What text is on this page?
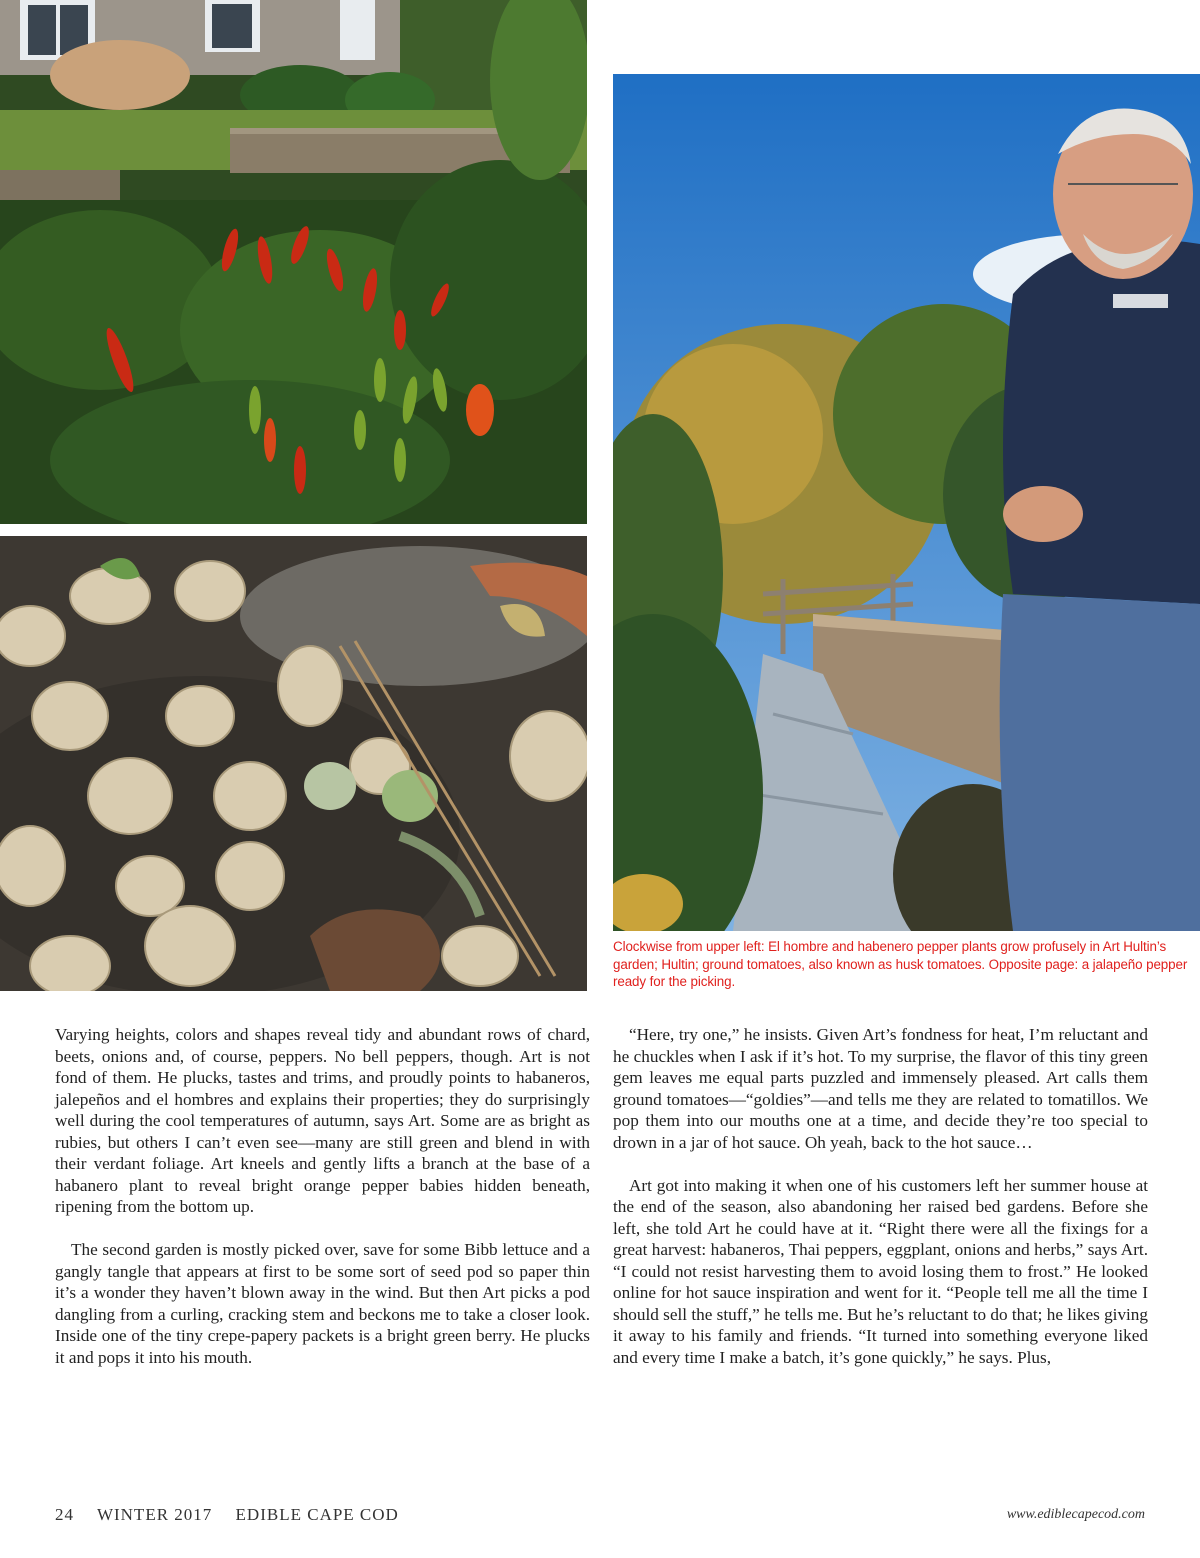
Clockwise from upper left: El hombre and habenero pepper plants grow profusely in Art Hultin’s garden; Hultin; ground tomatoes, also known as husk tomatoes. Opposite page: a jalapeño pepper ready for the picking.

Varying heights, colors and shapes reveal tidy and abundant rows of chard, beets, onions and, of course, peppers. No bell peppers, though. Art is not fond of them. He plucks, tastes and trims, and proudly points to habaneros, jalepeños and el hombres and explains their properties; they do surprisingly well during the cool temperatures of autumn, says Art. Some are as bright as rubies, but others I can’t even see—many are still green and blend in with their verdant foliage. Art kneels and gently lifts a branch at the base of a habanero plant to reveal bright orange pepper babies hidden beneath, ripening from the bottom up.

The second garden is mostly picked over, save for some Bibb lettuce and a gangly tangle that appears at first to be some sort of seed pod so paper thin it’s a wonder they haven’t blown away in the wind. But then Art picks a pod dangling from a curling, cracking stem and beckons me to take a closer look. Inside one of the tiny crepe-papery packets is a bright green berry. He plucks it and pops it into his mouth.

“Here, try one,” he insists. Given Art’s fondness for heat, I’m reluctant and he chuckles when I ask if it’s hot. To my surprise, the flavor of this tiny green gem leaves me equal parts puzzled and immensely pleased. Art calls them ground tomatoes—“goldies”—and tells me they are related to tomatillos. We pop them into our mouths one at a time, and decide they’re too special to drown in a jar of hot sauce. Oh yeah, back to the hot sauce…

Art got into making it when one of his customers left her summer house at the end of the season, also abandoning her raised bed gardens. Before she left, she told Art he could have at it. “Right there were all the fixings for a great harvest: habaneros, Thai peppers, eggplant, onions and herbs,” says Art. “I could not resist harvesting them to avoid losing them to frost.” He looked online for hot sauce inspiration and went for it. “People tell me all the time I should sell the stuff,” he tells me. But he’s reluctant to do that; he likes giving it away to his family and friends. “It turned into something everyone liked and every time I make a batch, it’s gone quickly,” he says. Plus,

24 WINTER 2017 EDIBLE CAPE COD	www.ediblecapecod.com
